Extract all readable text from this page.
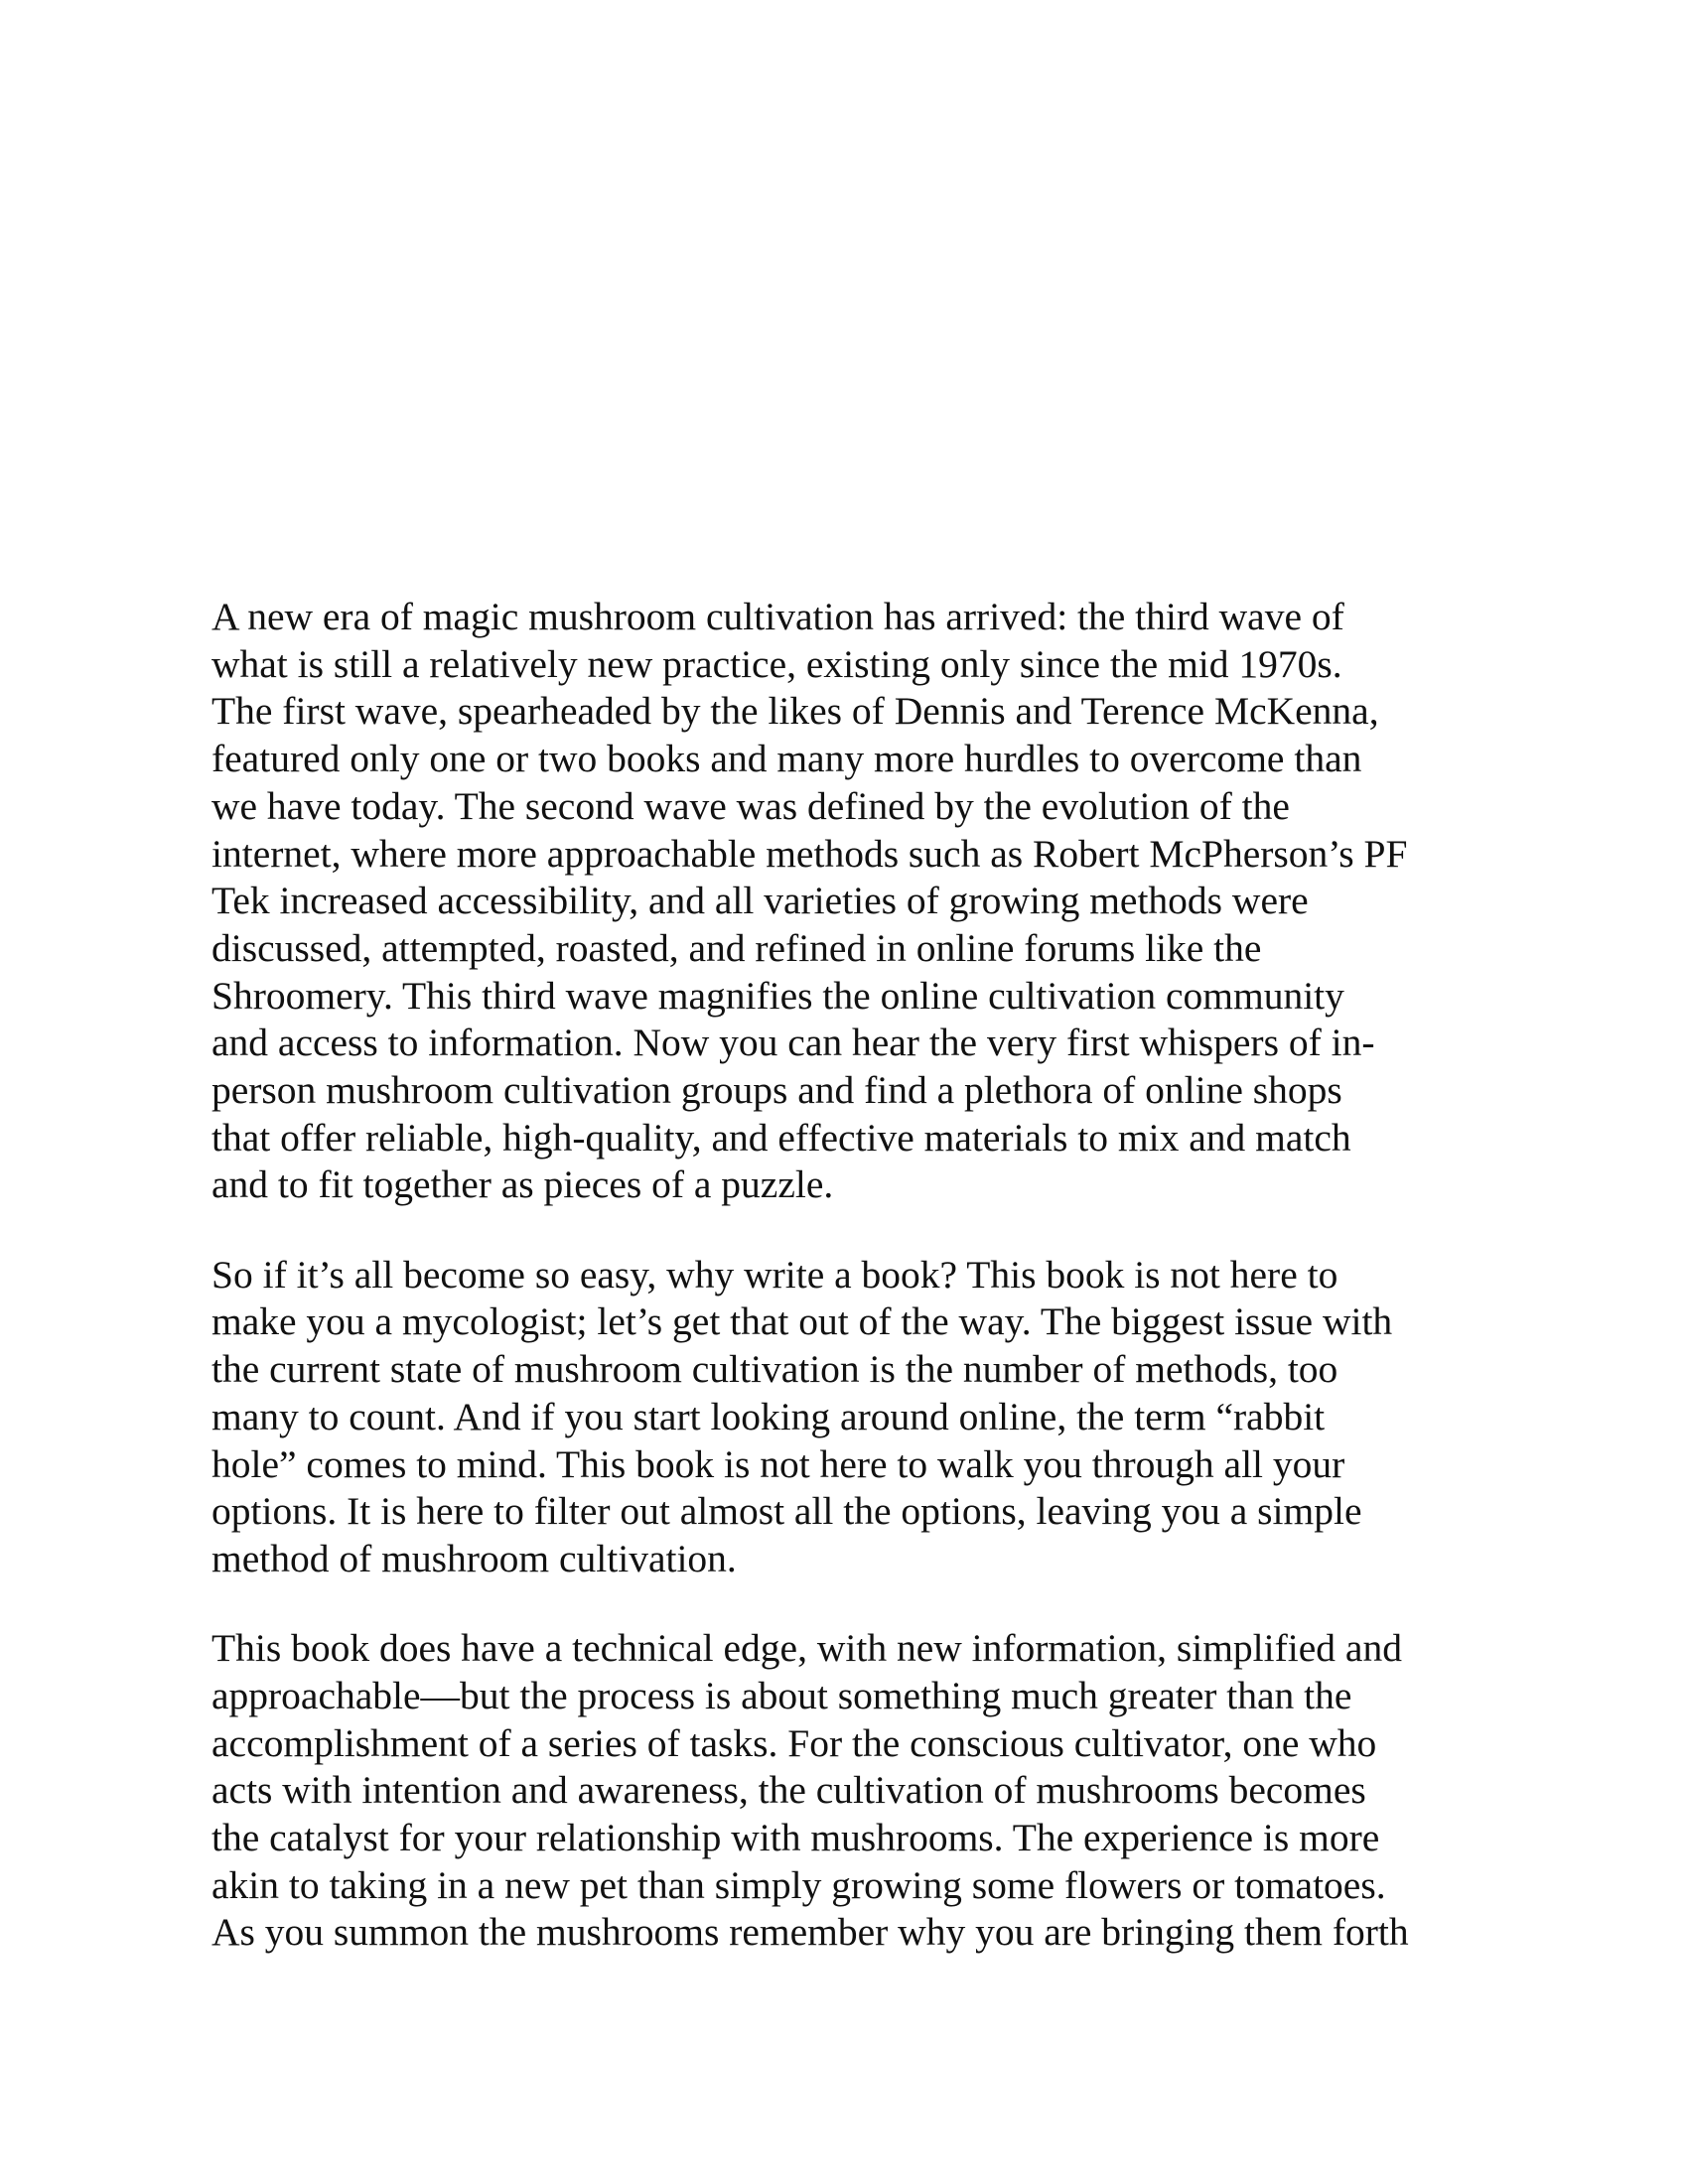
A new era of magic mushroom cultivation has arrived: the third wave of
what is still a relatively new practice, existing only since the mid 1970s.
The first wave, spearheaded by the likes of Dennis and Terence McKenna,
featured only one or two books and many more hurdles to overcome than
we have today. The second wave was defined by the evolution of the
internet, where more approachable methods such as Robert McPherson’s PF
Tek increased accessibility, and all varieties of growing methods were
discussed, attempted, roasted, and refined in online forums like the
Shroomery. This third wave magnifies the online cultivation community
and access to information. Now you can hear the very first whispers of in-
person mushroom cultivation groups and find a plethora of online shops
that offer reliable, high-quality, and effective materials to mix and match
and to fit together as pieces of a puzzle.

So if it’s all become so easy, why write a book? This book is not here to
make you a mycologist; let’s get that out of the way. The biggest issue with
the current state of mushroom cultivation is the number of methods, too
many to count. And if you start looking around online, the term “rabbit
hole” comes to mind. This book is not here to walk you through all your
options. It is here to filter out almost all the options, leaving you a simple
method of mushroom cultivation.

This book does have a technical edge, with new information, simplified and
approachable—but the process is about something much greater than the
accomplishment of a series of tasks. For the conscious cultivator, one who
acts with intention and awareness, the cultivation of mushrooms becomes
the catalyst for your relationship with mushrooms. The experience is more
akin to taking in a new pet than simply growing some flowers or tomatoes.
As you summon the mushrooms remember why you are bringing them forth
